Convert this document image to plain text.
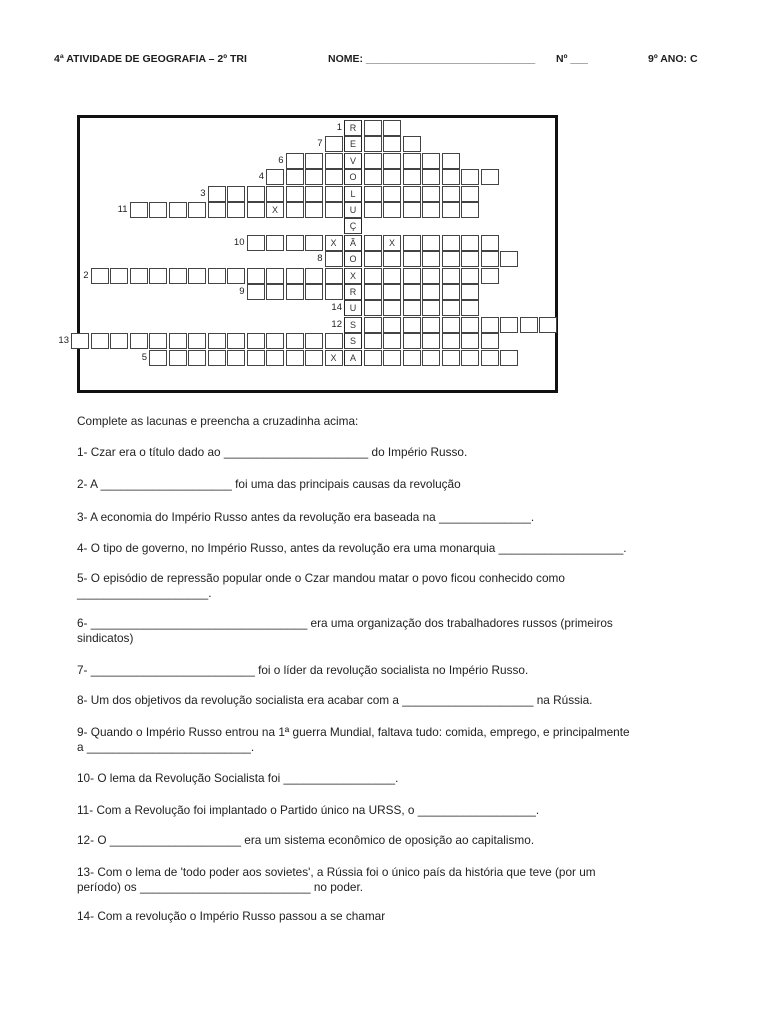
4ª ATIVIDADE DE GEOGRAFIA – 2º TRI	NOME: _____________________________ Nº ___	9º ANO: C
R
1
E
7
V
6
O
4
L
3
U
X
11
Ç
Ã
X	X
10
O
8
X
2
R
9
U
14
S
12
S
13
A
X
5
Complete as lacunas e preencha a cruzadinha acima:
1- Czar era o título dado ao ______________________ do Império Russo.
2- A ____________________ foi uma das principais causas da revolução
3- A economia do Império Russo antes da revolução era baseada na ______________.
4- O tipo de governo, no Império Russo, antes da revolução era uma monarquia ___________________.
5- O episódio de repressão popular onde o Czar mandou matar o povo ficou conhecido como
____________________.
6- _________________________________ era uma organização dos trabalhadores russos (primeiros
sindicatos)
7- _________________________ foi o líder da revolução socialista no Império Russo.
8- Um dos objetivos da revolução socialista era acabar com a ____________________ na Rússia.
9- Quando o Império Russo entrou na 1ª guerra Mundial, faltava tudo: comida, emprego, e principalmente
a _________________________.
10- O lema da Revolução Socialista foi _________________.
11- Com a Revolução foi implantado o Partido único na URSS, o __________________.
12- O ____________________ era um sistema econômico de oposição ao capitalismo.
13- Com o lema de 'todo poder aos sovietes', a Rússia foi o único país da história que teve (por um
período) os __________________________ no poder.
14- Com a revolução o Império Russo passou a se chamar
